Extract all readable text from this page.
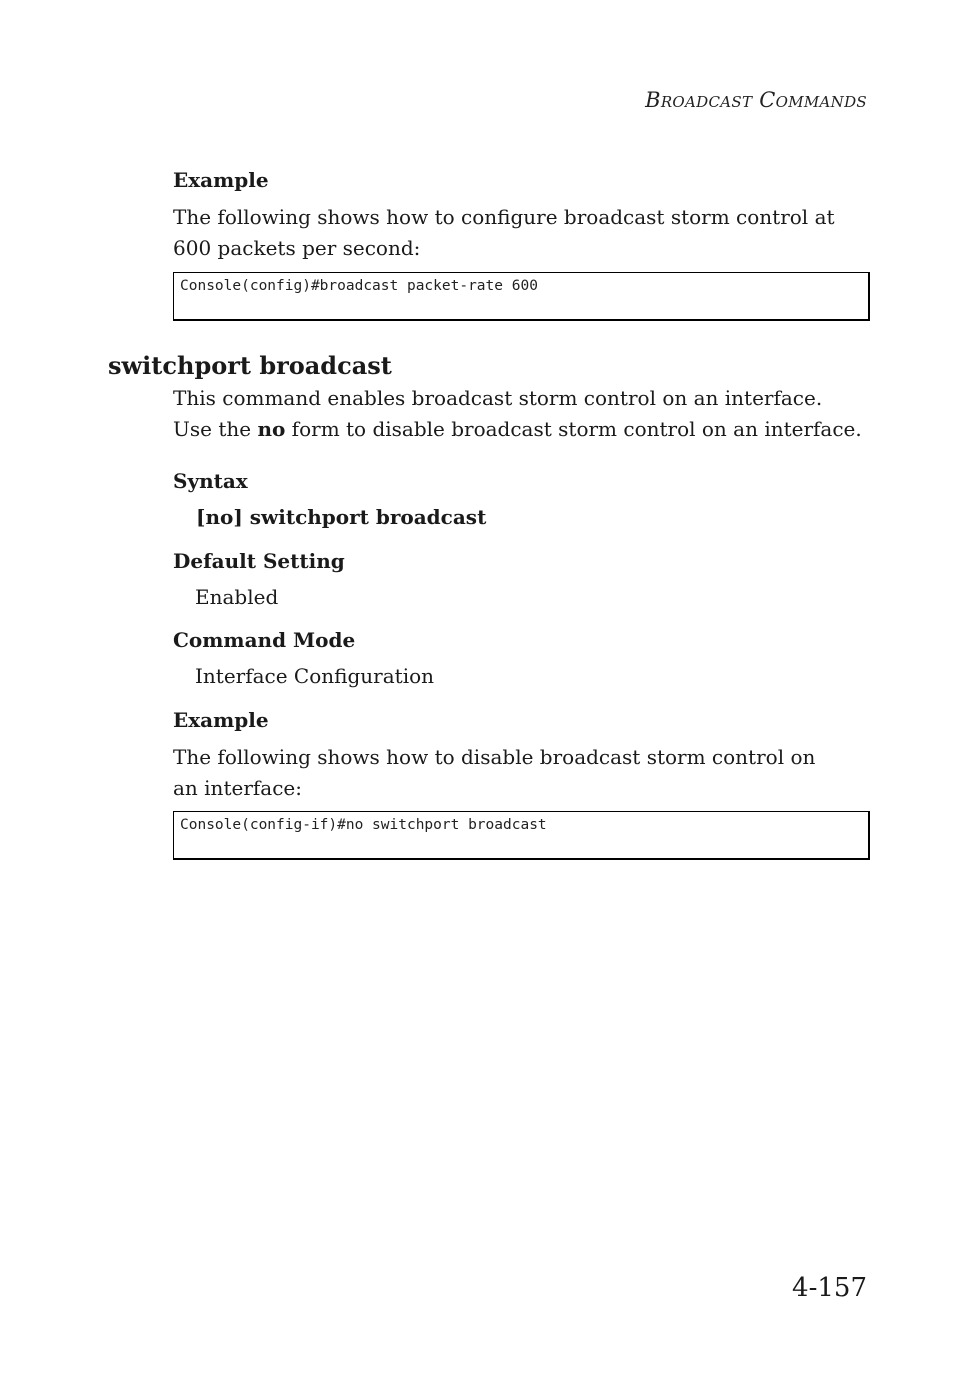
Broadcast Commands
Example
The following shows how to configure broadcast storm control at 600 packets per second:
Console(config)#broadcast packet-rate 600
switchport broadcast
This command enables broadcast storm control on an interface. Use the no form to disable broadcast storm control on an interface.
Syntax
[no] switchport broadcast
Default Setting
Enabled
Command Mode
Interface Configuration
Example
The following shows how to disable broadcast storm control on an interface:
Console(config-if)#no switchport broadcast
4-157
